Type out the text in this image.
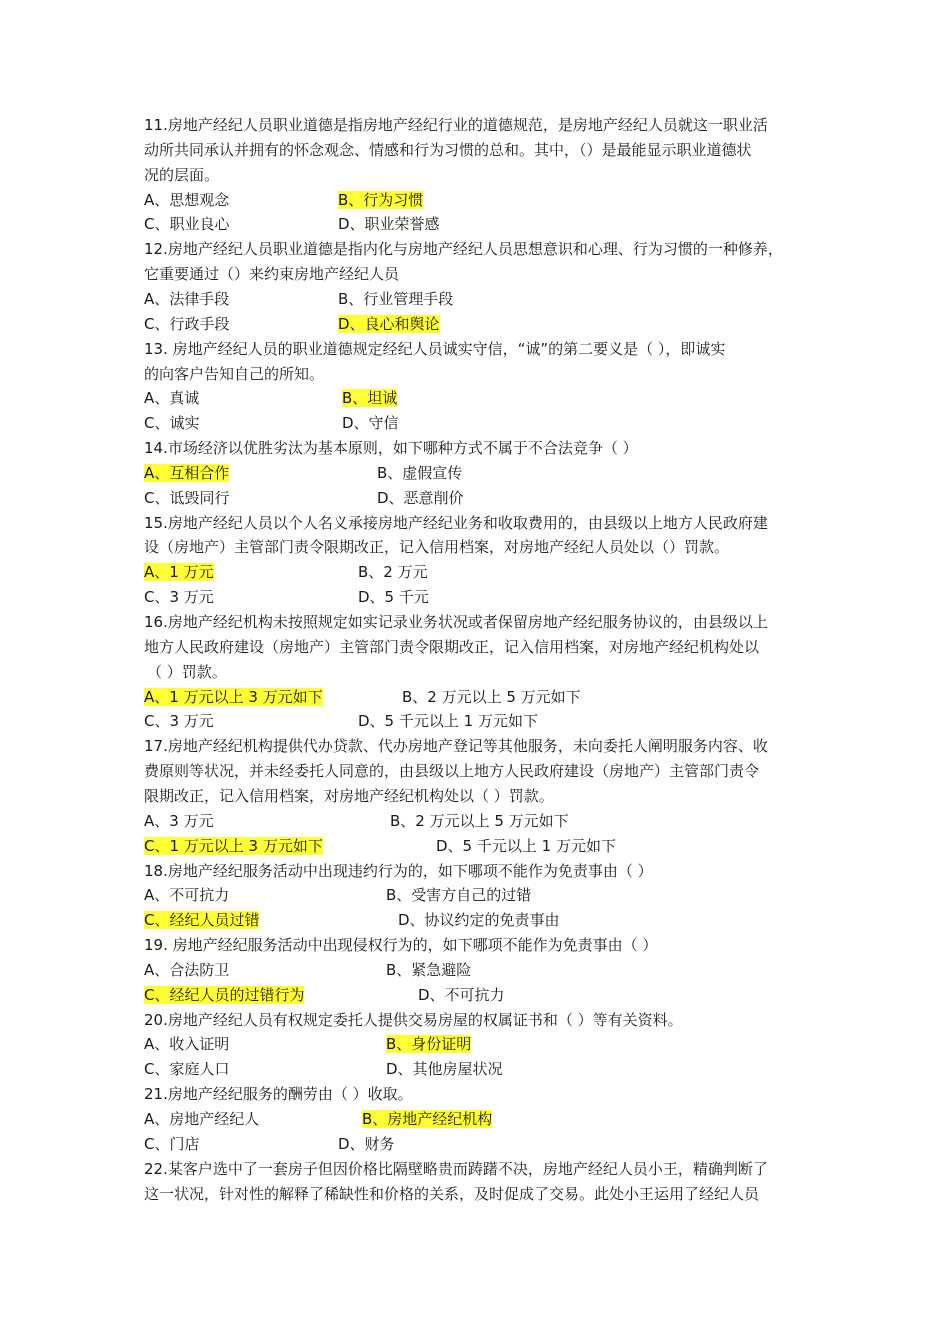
11.房地产经纪人员职业道德是指房地产经纪行业的道德规范，是房地产经纪人员就这一职业活
动所共同承认并拥有的怀念观念、情感和行为习惯的总和。其中，（）是最能显示职业道德状
况的层面。
A、思想观念	B、行为习惯
C、职业良心	D、职业荣誉感
12.房地产经纪人员职业道德是指内化与房地产经纪人员思想意识和心理、行为习惯的一种修养，
它重要通过（）来约束房地产经纪人员
A、法律手段	B、行业管理手段
C、行政手段	D、良心和舆论
13. 房地产经纪人员的职业道德规定经纪人员诚实守信，“诚”的第二要义是（ ），即诚实
的向客户告知自己的所知。
A、真诚	B、坦诚
C、诚实	D、守信
14.市场经济以优胜劣汰为基本原则，如下哪种方式不属于不合法竞争（ ）
A、互相合作	B、虚假宣传
C、诋毁同行	D、恶意削价
15.房地产经纪人员以个人名义承接房地产经纪业务和收取费用的，由县级以上地方人民政府建
设（房地产）主管部门责令限期改正，记入信用档案，对房地产经纪人员处以（）罚款。
A、1 万元	B、2 万元
C、3 万元	D、5 千元
16.房地产经纪机构未按照规定如实记录业务状况或者保留房地产经纪服务协议的，由县级以上
地方人民政府建设（房地产）主管部门责令限期改正，记入信用档案，对房地产经纪机构处以
（ ）罚款。
A、1 万元以上 3 万元如下	B、2 万元以上 5 万元如下
C、3 万元	D、5 千元以上 1 万元如下
17.房地产经纪机构提供代办贷款、代办房地产登记等其他服务，未向委托人阐明服务内容、收
费原则等状况，并未经委托人同意的，由县级以上地方人民政府建设（房地产）主管部门责令
限期改正，记入信用档案，对房地产经纪机构处以（ ）罚款。
A、3 万元	B、2 万元以上 5 万元如下
C、1 万元以上 3 万元如下	D、5 千元以上 1 万元如下
18.房地产经纪服务活动中出现违约行为的，如下哪项不能作为免责事由（ ）
A、不可抗力	B、受害方自己的过错
C、经纪人员过错	D、协议约定的免责事由
19. 房地产经纪服务活动中出现侵权行为的，如下哪项不能作为免责事由（ ）
A、合法防卫	B、紧急避险
C、经纪人员的过错行为	D、不可抗力
20.房地产经纪人员有权规定委托人提供交易房屋的权属证书和（ ）等有关资料。
A、收入证明	B、身份证明
C、家庭人口	D、其他房屋状况
21.房地产经纪服务的酬劳由（ ）收取。
A、房地产经纪人	B、房地产经纪机构
C、门店	D、财务
22.某客户选中了一套房子但因价格比隔壁略贵而踌躇不决，房地产经纪人员小王，精确判断了
这一状况，针对性的解释了稀缺性和价格的关系，及时促成了交易。此处小王运用了经纪人员
